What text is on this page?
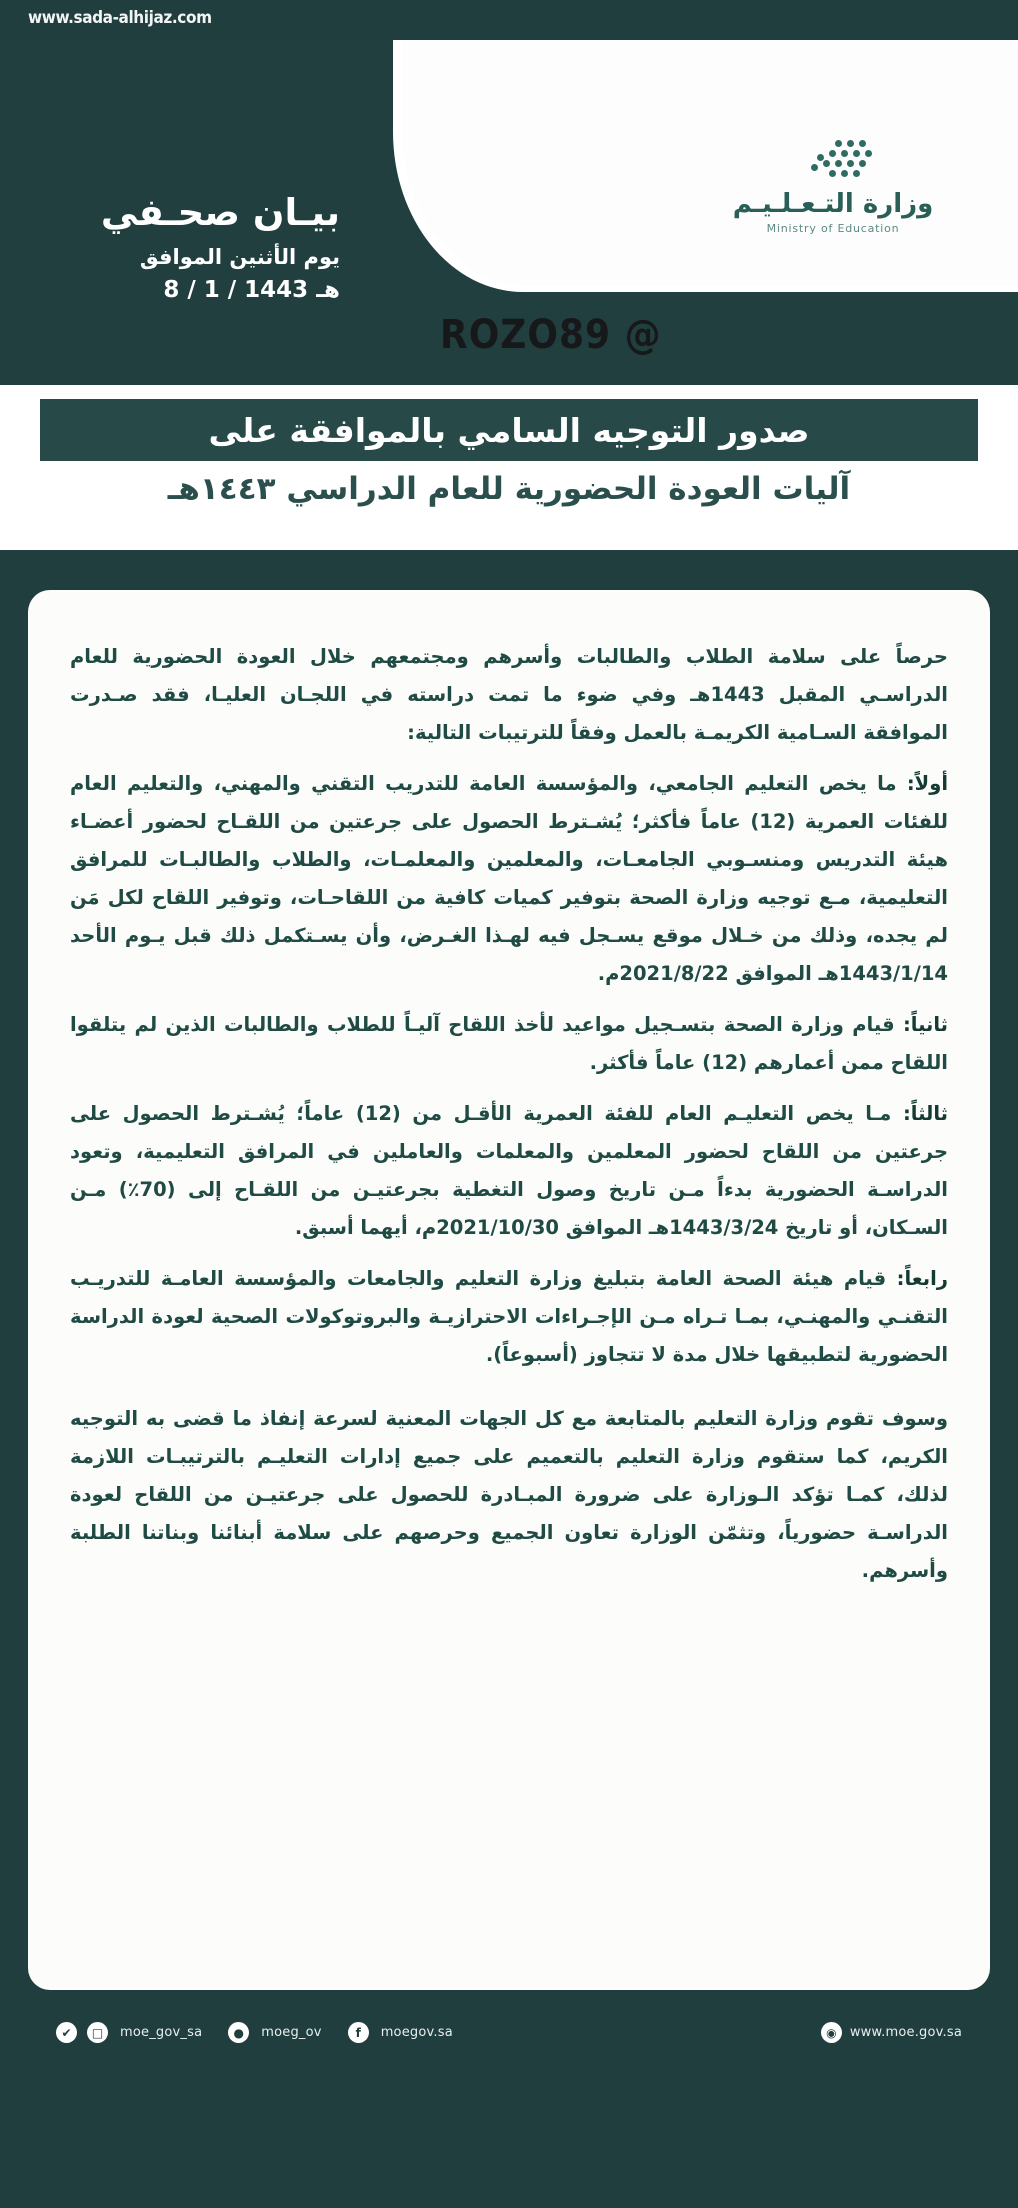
www.sada-alhijaz.com
وزارة التـعـلـيـم
Ministry of Education
بيـان صحـفي
يوم الأثنين الموافق
8 / 1 / 1443 هـ
ROZO89 @
صدور التوجيه السامي بالموافقة على
آليات العودة الحضورية للعام الدراسي ١٤٤٣هـ

حرصاً على سلامة الطلاب والطالبات وأسرهم ومجتمعهم خلال العودة الحضورية للعام الدراسـي المقبل 1443هـ وفي ضوء ما تمت دراسته في اللجـان العليـا، فقد صـدرت الموافقة السـامية الكريمـة بالعمل وفقاً للترتيبات التالية:

أولاً: ما يخص التعليم الجامعي، والمؤسسة العامة للتدريب التقني والمهني، والتعليم العام للفئات العمرية (12) عاماً فأكثر؛ يُشـترط الحصول على جرعتين من اللقـاح لحضور أعضـاء هيئة التدريس ومنسـوبي الجامعـات، والمعلمين والمعلمـات، والطلاب والطالبـات للمرافق التعليمية، مـع توجيه وزارة الصحة بتوفير كميات كافية من اللقاحـات، وتوفير اللقاح لكل مَن لم يجده، وذلك من خـلال موقع يسـجل فيه لهـذا الغـرض، وأن يسـتكمل ذلك قبل يـوم الأحد 1443/1/14هـ الموافق 2021/8/22م.

ثانياً: قيام وزارة الصحة بتسـجيل مواعيد لأخذ اللقاح آليـاً للطلاب والطالبات الذين لم يتلقوا اللقاح ممن أعمارهم (12) عاماً فأكثر.

ثالثاً: مـا يخص التعليـم العام للفئة العمرية الأقـل من (12) عاماً؛ يُشـترط الحصول على جرعتين من اللقاح لحضور المعلمين والمعلمات والعاملين في المرافق التعليمية، وتعود الدراسـة الحضورية بدءاً مـن تاريخ وصول التغطية بجرعتيـن من اللقـاح إلى (70٪) مـن السـكان، أو تاريخ 1443/3/24هـ الموافق 2021/10/30م، أيهما أسبق.

رابعاً: قيام هيئة الصحة العامة بتبليغ وزارة التعليم والجامعات والمؤسسة العامـة للتدريـب التقنـي والمهنـي، بمـا تـراه مـن الإجـراءات الاحترازيـة والبروتوكولات الصحية لعودة الدراسة الحضورية لتطبيقها خلال مدة لا تتجاوز (أسبوعاً).

وسوف تقوم وزارة التعليم بالمتابعة مع كل الجهات المعنية لسرعة إنفاذ ما قضى به التوجيه الكريم، كما ستقوم وزارة التعليم بالتعميم على جميع إدارات التعليـم بالترتيبـات اللازمة لذلك، كمـا تؤكد الـوزارة على ضرورة المبـادرة للحصول على جرعتيـن من اللقاح لعودة الدراسـة حضورياً، وتثمّن الوزارة تعاون الجميع وحرصهم على سلامة أبنائنا وبناتنا الطلبة وأسرهم.

✔	□	moe_gov_sa	●	moeg_ov	f	moegov.sa	◉	www.moe.gov.sa
